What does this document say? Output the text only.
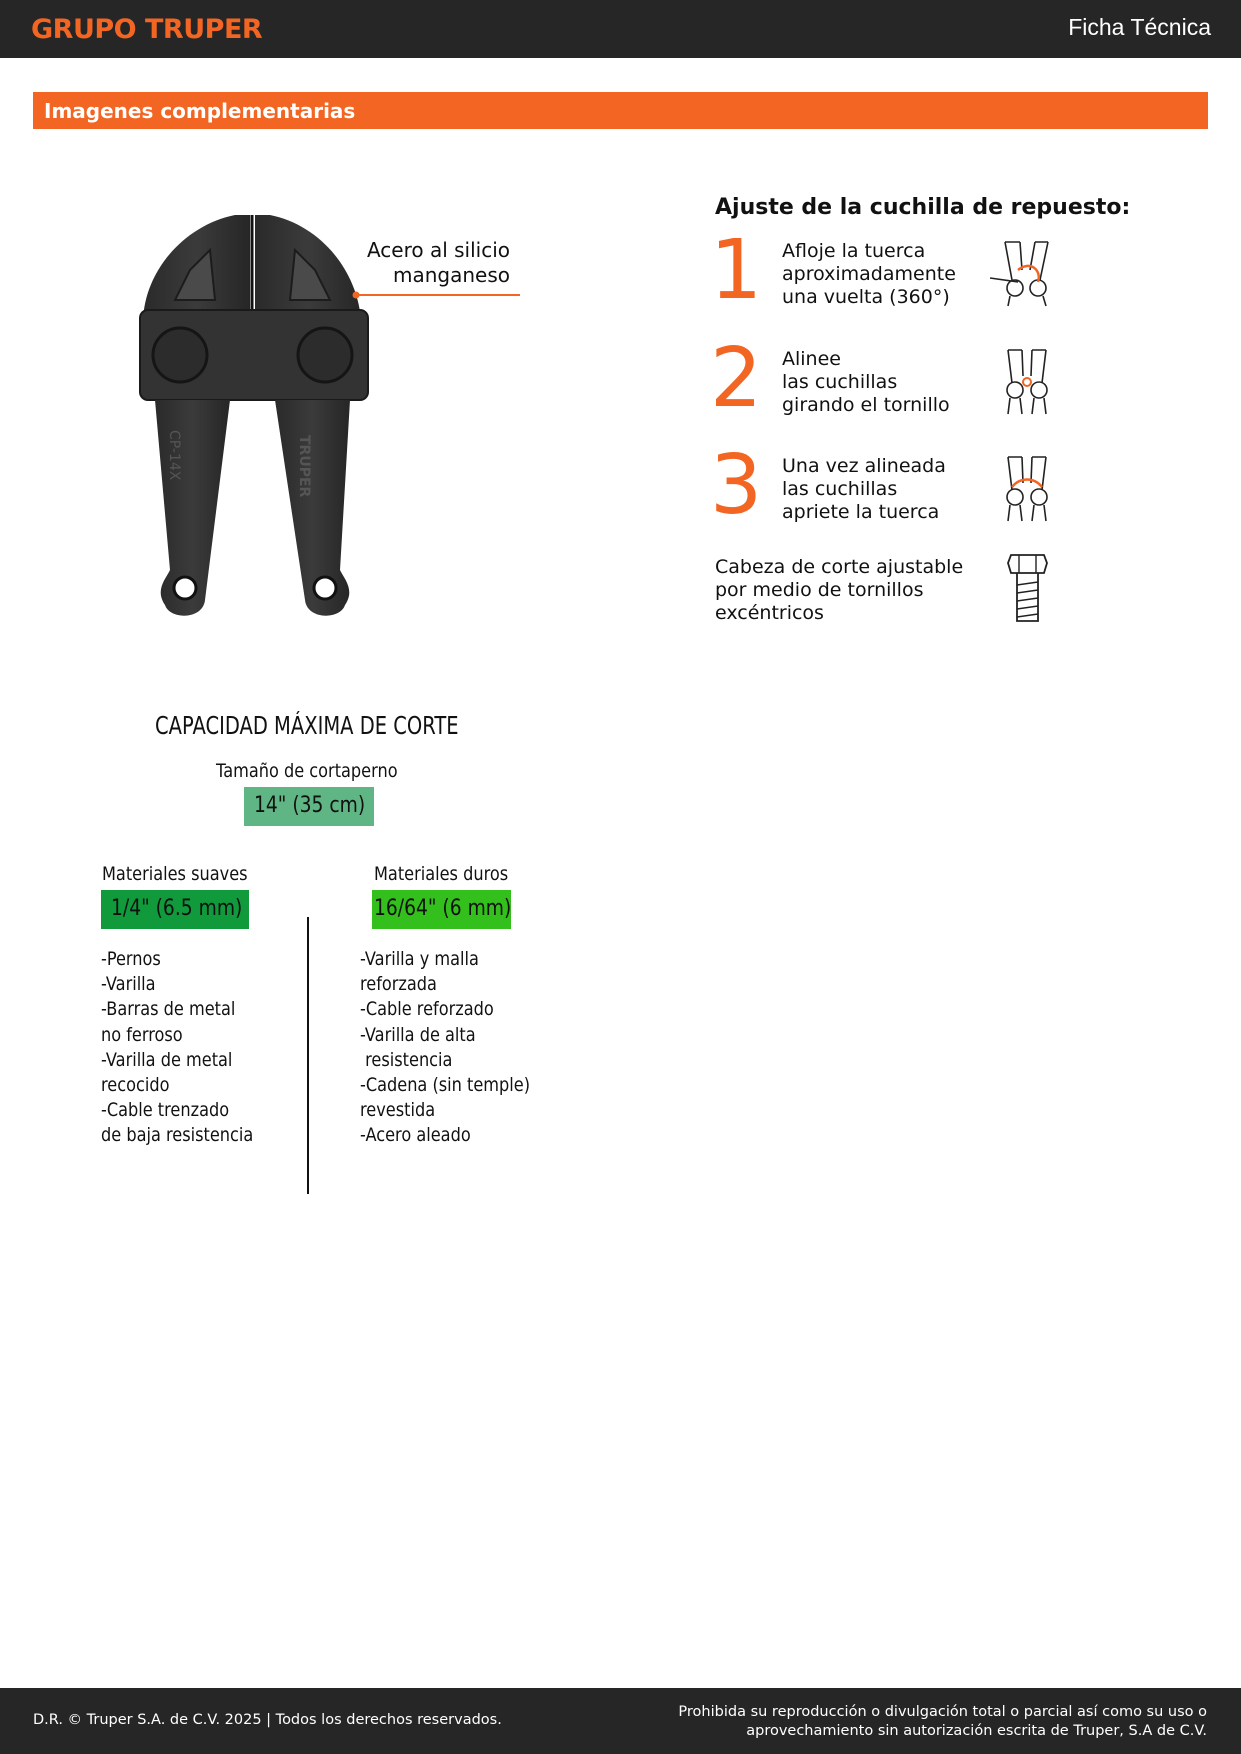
GRUPO TRUPER	Ficha Técnica
Imagenes complementarias
CP-14X	TRUPER
Acero al silicio
manganeso
Ajuste de la cuchilla de repuesto:
1 Afloje la tuerca
aproximadamente
una vuelta (360°)
2 Alinee
las cuchillas
girando el tornillo
3 Una vez alineada
las cuchillas
apriete la tuerca
Cabeza de corte ajustable
por medio de tornillos
excéntricos
CAPACIDAD MÁXIMA DE CORTE
Tamaño de cortaperno
14" (35 cm)
Materiales suaves
1/4" (6.5 mm)
Materiales duros
16/64" (6 mm)
-Pernos
-Varilla
-Barras de metal
no ferroso
-Varilla de metal
recocido
-Cable trenzado
de baja resistencia
-Varilla y malla
reforzada
-Cable reforzado
-Varilla de alta
resistencia
-Cadena (sin temple)
revestida
-Acero aleado
D.R. © Truper S.A. de C.V. 2025 | Todos los derechos reservados.	Prohibida su reproducción o divulgación total o parcial así como su uso o
aprovechamiento sin autorización escrita de Truper, S.A de C.V.
